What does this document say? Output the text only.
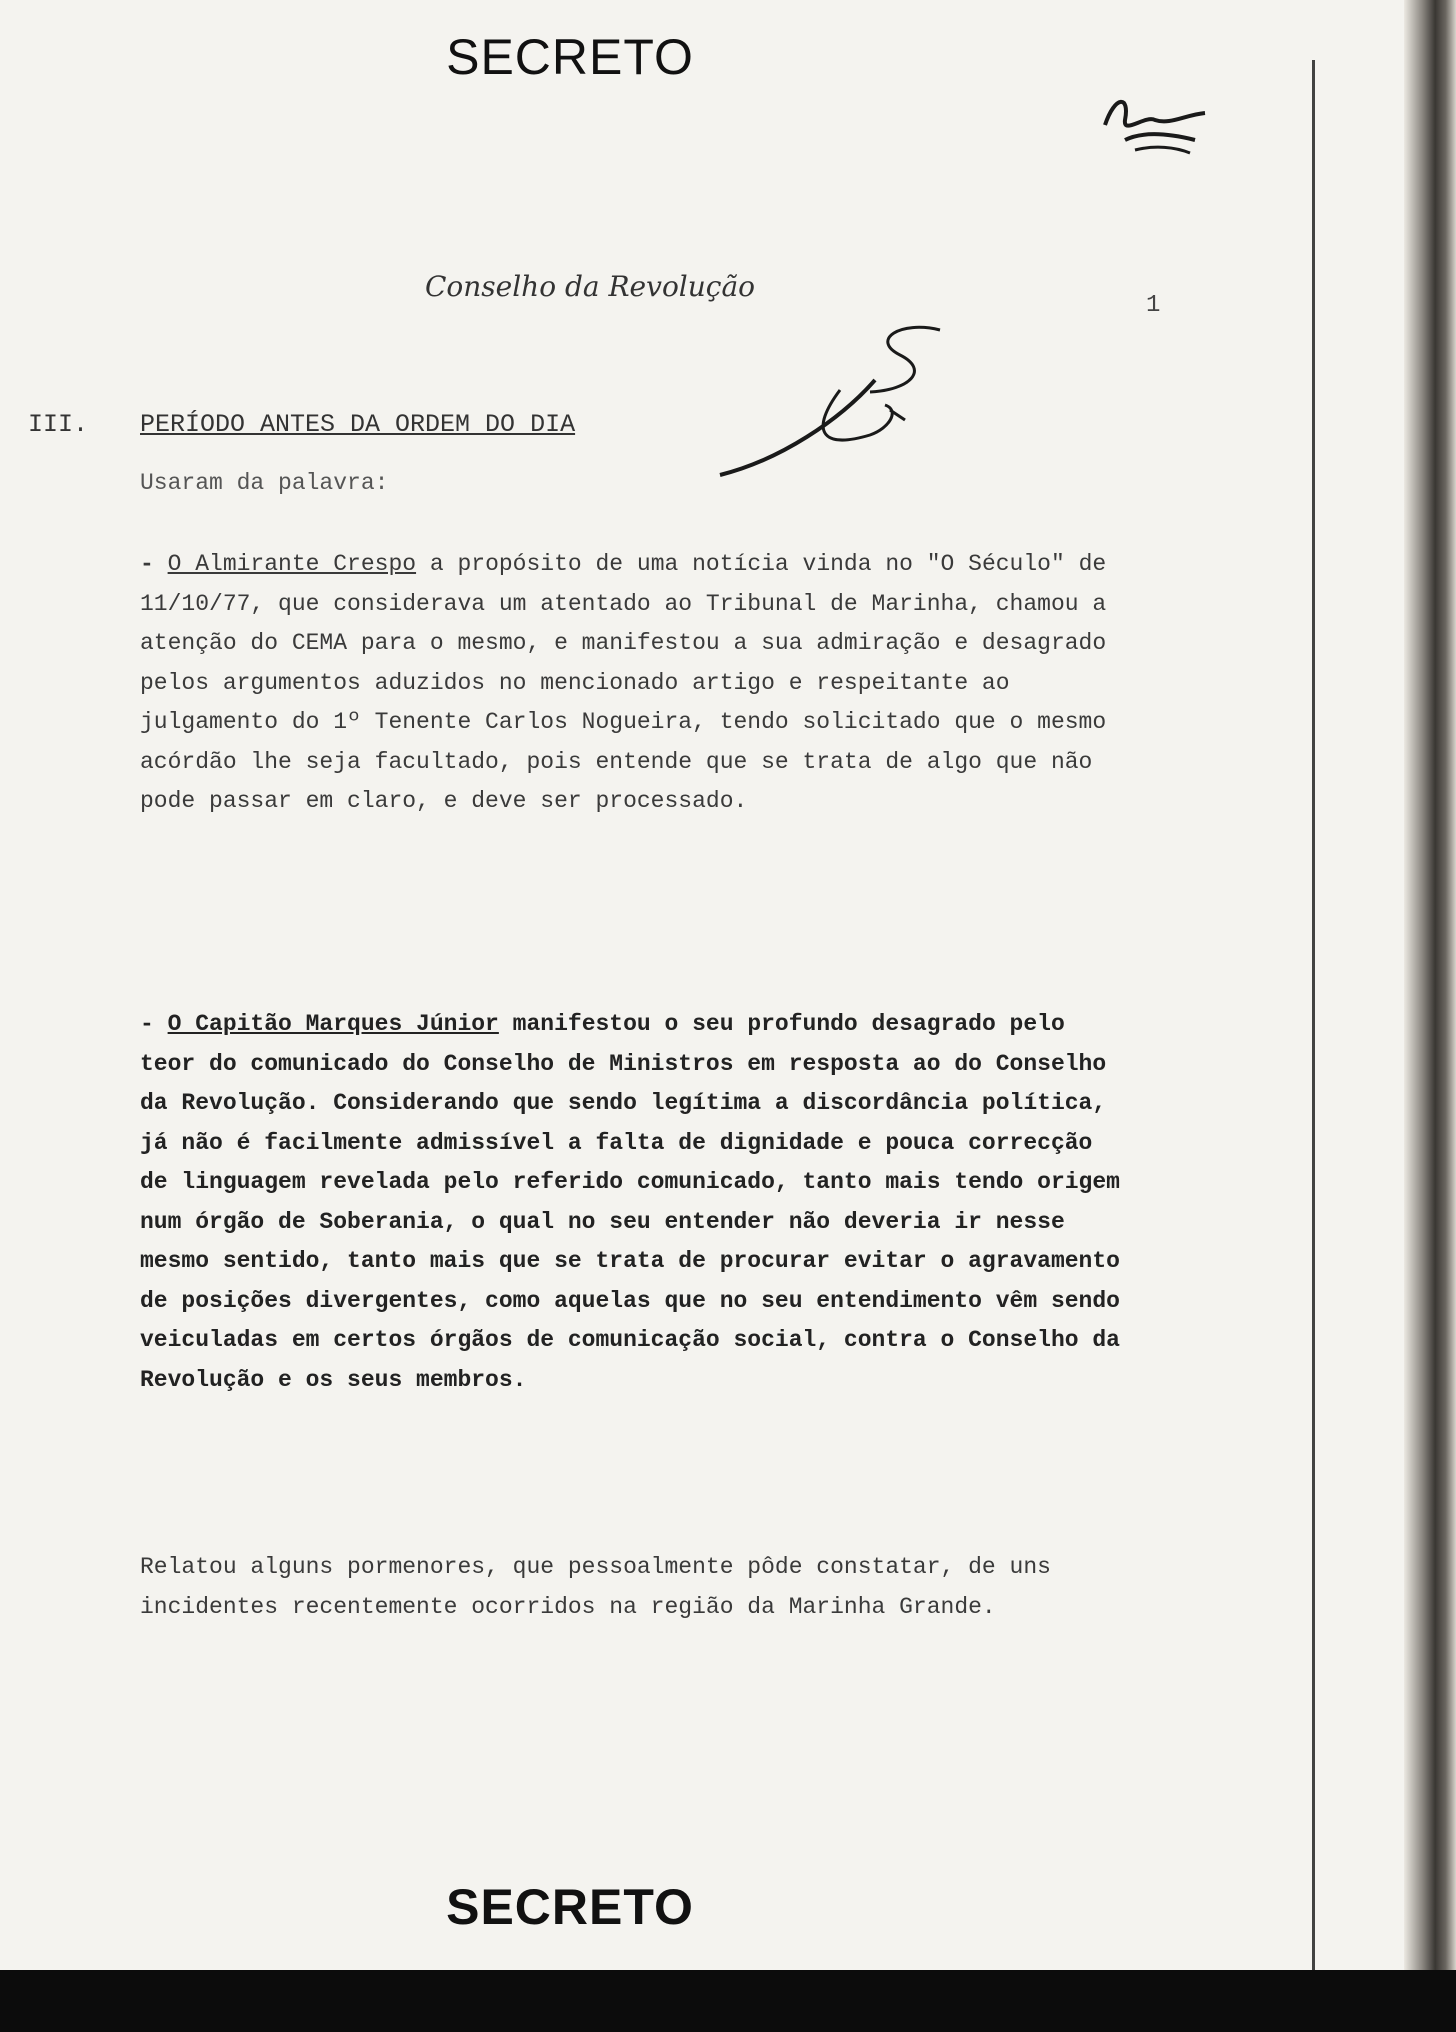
SECRETO
Conselho da Revolução
1
III. PERÍODO ANTES DA ORDEM DO DIA
Usaram da palavra:
- O Almirante Crespo a propósito de uma notícia vinda no "O Século" de 11/10/77, que considerava um atentado ao Tribunal de Marinha, chamou a atenção do CEMA para o mesmo, e manifestou a sua admiração e desagrado pelos argumentos aduzidos no mencionado artigo e respeitante ao julgamento do 1º Tenente Carlos Nogueira, tendo solicitado que o mesmo acórdão lhe seja facultado, pois entende que se trata de algo que não pode passar em claro, e deve ser processado.
- O Capitão Marques Júnior manifestou o seu profundo desagrado pelo teor do comunicado do Conselho de Ministros em resposta ao do Conselho da Revolução. Considerando que sendo legítima a discordância política, já não é facilmente admissível a falta de dignidade e pouca correcção de linguagem revelada pelo referido comunicado, tanto mais tendo origem num órgão de Soberania, o qual no seu entender não deveria ir nesse mesmo sentido, tanto mais que se trata de procurar evitar o agravamento de posições divergentes, como aquelas que no seu entendimento vêm sendo veiculadas em certos órgãos de comunicação social, contra o Conselho da Revolução e os seus membros.
Relatou alguns pormenores, que pessoalmente pôde constatar, de uns incidentes recentemente ocorridos na região da Marinha Grande.
SECRETO
